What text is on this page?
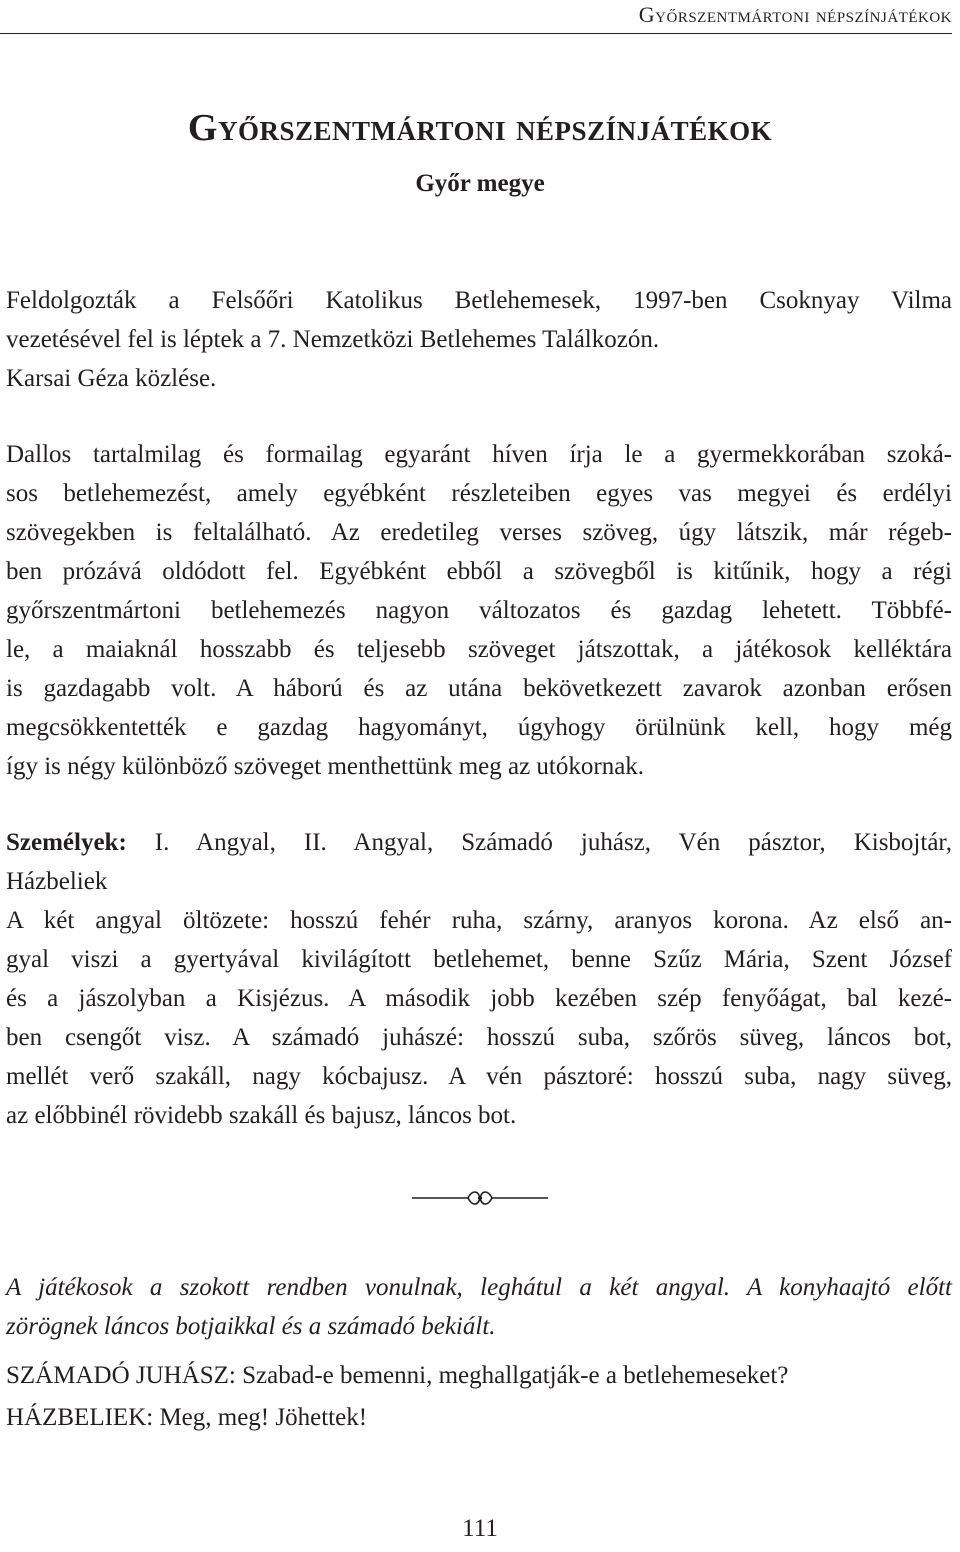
Győrszentmártoni népszínjátékok
Győrszentmártoni népszínjátékok
Győr megye
Feldolgozták a Felsőőri Katolikus Betlehemesek, 1997-ben Csoknyay Vilma
vezetésével fel is léptek a 7. Nemzetközi Betlehemes Találkozón.
Karsai Géza közlése.
Dallos tartalmilag és formailag egyaránt híven írja le a gyermekkorában szoká-
sos betlehemezést, amely egyébként részleteiben egyes vas megyei és erdélyi
szövegekben is feltalálható. Az eredetileg verses szöveg, úgy látszik, már régeb-
ben prózává oldódott fel. Egyébként ebből a szövegből is kitűnik, hogy a régi
győrszentmártoni betlehemezés nagyon változatos és gazdag lehetett. Többfé-
le, a maiaknál hosszabb és teljesebb szöveget játszottak, a játékosok kelléktára
is gazdagabb volt. A háború és az utána bekövetkezett zavarok azonban erősen
megcsökkentették e gazdag hagyományt, úgyhogy örülnünk kell, hogy még
így is négy különböző szöveget menthettünk meg az utókornak.
Személyek: I. Angyal, II. Angyal, Számadó juhász, Vén pásztor, Kisbojtár,
Házbeliek
A két angyal öltözete: hosszú fehér ruha, szárny, aranyos korona. Az első an-
gyal viszi a gyertyával kivilágított betlehemet, benne Szűz Mária, Szent József
és a jászolyban a Kisjézus. A második jobb kezében szép fenyőágat, bal kezé-
ben csengőt visz. A számadó juhászé: hosszú suba, szőrös süveg, láncos bot,
mellét verő szakáll, nagy kócbajusz. A vén pásztoré: hosszú suba, nagy süveg,
az előbbinél rövidebb szakáll és bajusz, láncos bot.
A játékosok a szokott rendben vonulnak, leghátul a két angyal. A konyhaajtó előtt
zörögnek láncos botjaikkal és a számadó bekiált.
SZÁMADÓ JUHÁSZ: Szabad-e bemenni, meghallgatják-e a betlehemeseket?
HÁZBELIEK: Meg, meg! Jöhettek!
111
